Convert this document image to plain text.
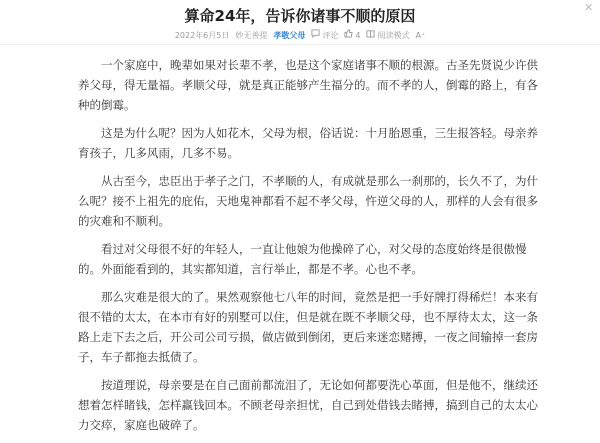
算命24年，告诉你诸事不顺的原因	✕
2022年6月5日 妙无善提 孝敬父母 评论 4 阅读模式 A⁺

一个家庭中，晚辈如果对长辈不孝，也是这个家庭诸事不顺的根源。古圣先贤说少许供养父母，得无量福。孝顺父母，就是真正能够产生福分的。而不孝的人，倒霉的路上，有各种的倒霉。

这是为什么呢？因为人如花木，父母为根，俗话说：十月胎恩重，三生报答轻。母亲养育孩子，几多风雨，几多不易。

从古至今，忠臣出于孝子之门，不孝顺的人，有成就是那么一刹那的，长久不了，为什么呢？接不上祖先的庇佑，天地鬼神都看不起不孝父母，忤逆父母的人，那样的人会有很多的灾难和不顺利。

看过对父母很不好的年轻人，一直让他娘为他操碎了心，对父母的态度始终是很傲慢的。外面能看到的，其实都知道，言行举止，都是不孝。心也不孝。

那么灾难是很大的了。果然观察他七八年的时间，竟然是把一手好牌打得稀烂！本来有很不错的太太，在本市有好的别墅可以住，但是就在既不孝顺父母，也不厚待太太，这一条路上走下去之后，开公司公司亏损，做店做到倒闭，更后来迷恋赌搏，一夜之间输掉一套房子，车子都拖去抵债了。

按道理说，母亲要是在自己面前都流泪了，无论如何都要洗心革面，但是他不，继续还想着怎样睹钱，怎样赢钱回本。不顾老母亲担忧，自己到处借钱去睹搏，搞到自己的太太心力交瘁，家庭也破碎了。
